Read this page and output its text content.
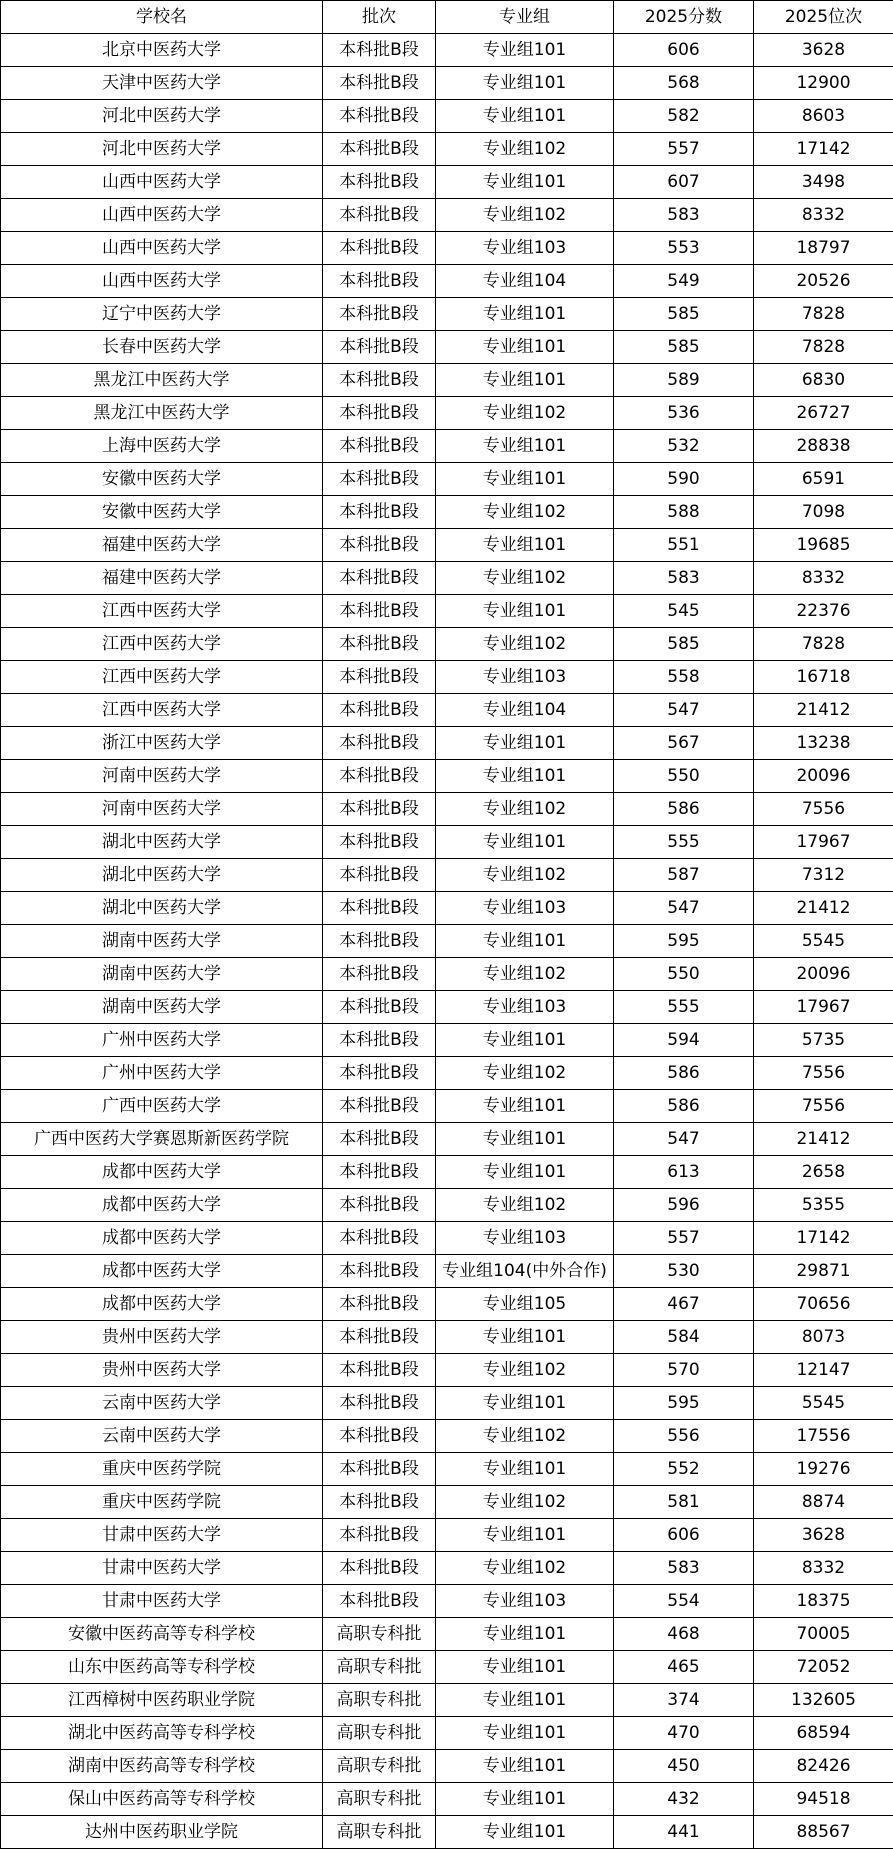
学校名	批次	专业组	2025分数	2025位次
北京中医药大学	本科批B段	专业组101	606	3628
天津中医药大学	本科批B段	专业组101	568	12900
河北中医药大学	本科批B段	专业组101	582	8603
河北中医药大学	本科批B段	专业组102	557	17142
山西中医药大学	本科批B段	专业组101	607	3498
山西中医药大学	本科批B段	专业组102	583	8332
山西中医药大学	本科批B段	专业组103	553	18797
山西中医药大学	本科批B段	专业组104	549	20526
辽宁中医药大学	本科批B段	专业组101	585	7828
长春中医药大学	本科批B段	专业组101	585	7828
黑龙江中医药大学	本科批B段	专业组101	589	6830
黑龙江中医药大学	本科批B段	专业组102	536	26727
上海中医药大学	本科批B段	专业组101	532	28838
安徽中医药大学	本科批B段	专业组101	590	6591
安徽中医药大学	本科批B段	专业组102	588	7098
福建中医药大学	本科批B段	专业组101	551	19685
福建中医药大学	本科批B段	专业组102	583	8332
江西中医药大学	本科批B段	专业组101	545	22376
江西中医药大学	本科批B段	专业组102	585	7828
江西中医药大学	本科批B段	专业组103	558	16718
江西中医药大学	本科批B段	专业组104	547	21412
浙江中医药大学	本科批B段	专业组101	567	13238
河南中医药大学	本科批B段	专业组101	550	20096
河南中医药大学	本科批B段	专业组102	586	7556
湖北中医药大学	本科批B段	专业组101	555	17967
湖北中医药大学	本科批B段	专业组102	587	7312
湖北中医药大学	本科批B段	专业组103	547	21412
湖南中医药大学	本科批B段	专业组101	595	5545
湖南中医药大学	本科批B段	专业组102	550	20096
湖南中医药大学	本科批B段	专业组103	555	17967
广州中医药大学	本科批B段	专业组101	594	5735
广州中医药大学	本科批B段	专业组102	586	7556
广西中医药大学	本科批B段	专业组101	586	7556
广西中医药大学赛恩斯新医药学院	本科批B段	专业组101	547	21412
成都中医药大学	本科批B段	专业组101	613	2658
成都中医药大学	本科批B段	专业组102	596	5355
成都中医药大学	本科批B段	专业组103	557	17142
成都中医药大学	本科批B段	专业组104(中外合作)	530	29871
成都中医药大学	本科批B段	专业组105	467	70656
贵州中医药大学	本科批B段	专业组101	584	8073
贵州中医药大学	本科批B段	专业组102	570	12147
云南中医药大学	本科批B段	专业组101	595	5545
云南中医药大学	本科批B段	专业组102	556	17556
重庆中医药学院	本科批B段	专业组101	552	19276
重庆中医药学院	本科批B段	专业组102	581	8874
甘肃中医药大学	本科批B段	专业组101	606	3628
甘肃中医药大学	本科批B段	专业组102	583	8332
甘肃中医药大学	本科批B段	专业组103	554	18375
安徽中医药高等专科学校	高职专科批	专业组101	468	70005
山东中医药高等专科学校	高职专科批	专业组101	465	72052
江西樟树中医药职业学院	高职专科批	专业组101	374	132605
湖北中医药高等专科学校	高职专科批	专业组101	470	68594
湖南中医药高等专科学校	高职专科批	专业组101	450	82426
保山中医药高等专科学校	高职专科批	专业组101	432	94518
达州中医药职业学院	高职专科批	专业组101	441	88567
